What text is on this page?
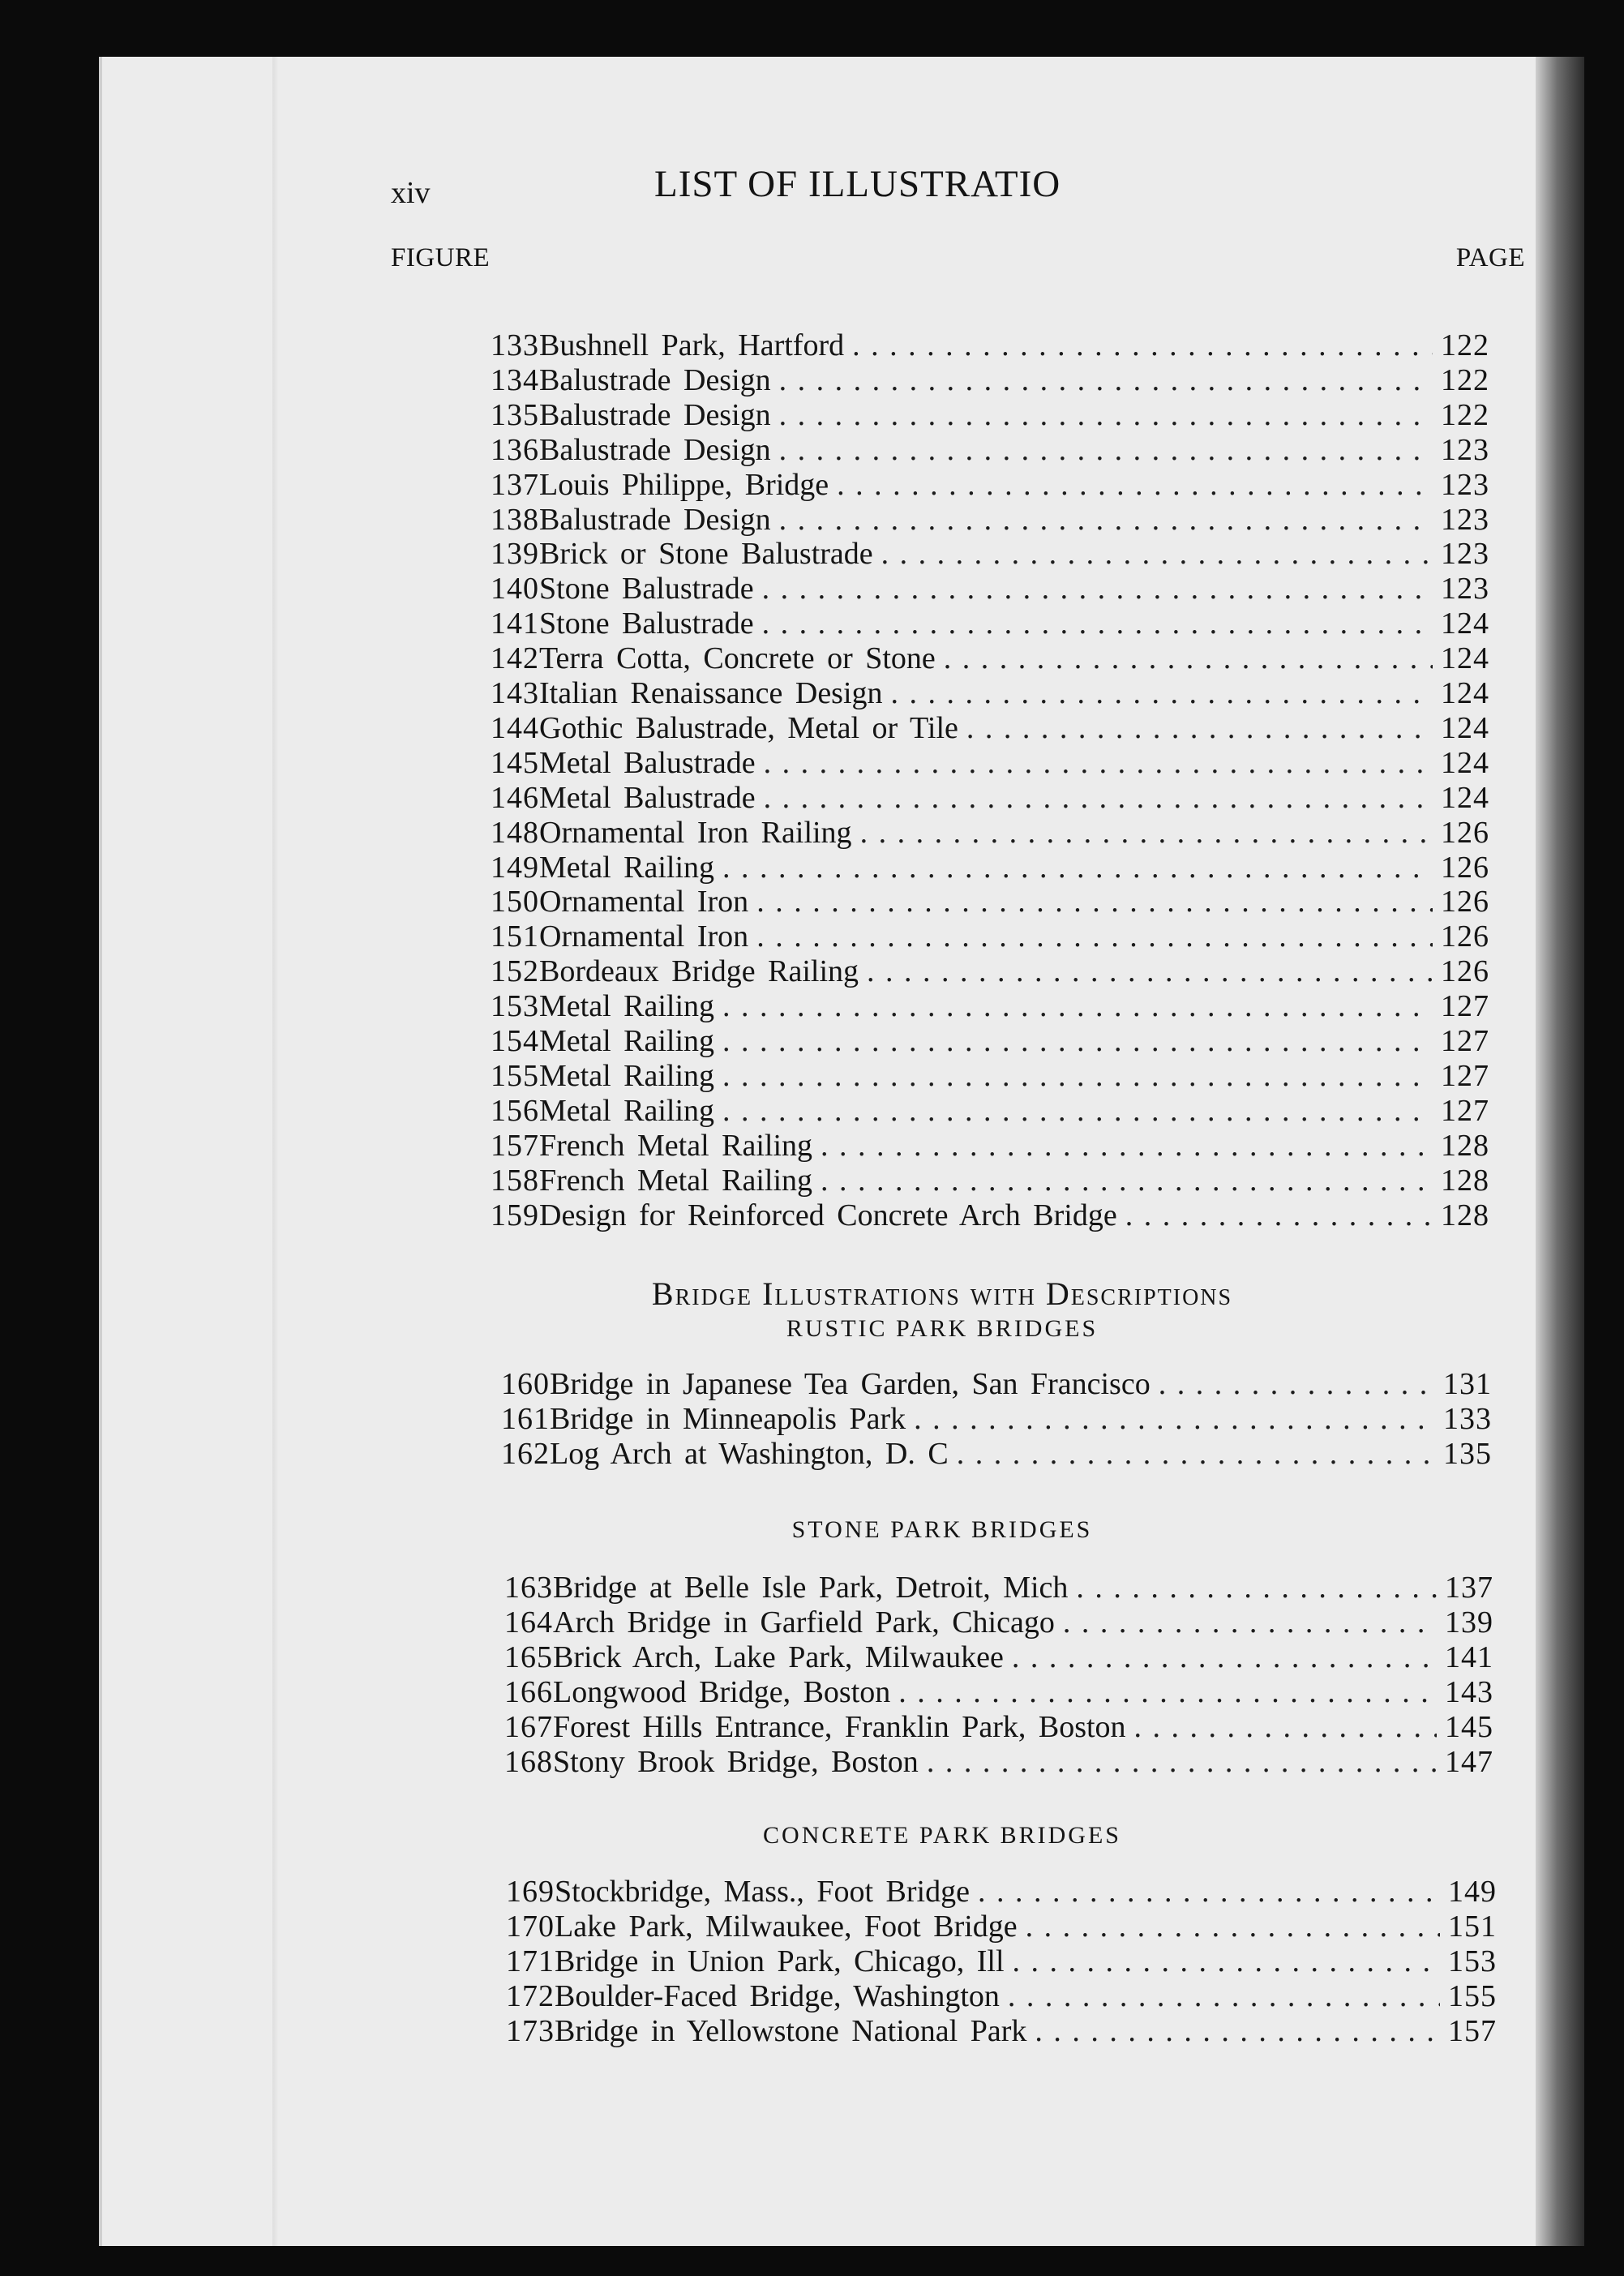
xiv	LIST OF ILLUSTRATIO
FIGURE	PAGE
133 Bushnell Park, Hartford . . .	122
134 Balustrade Design . . .	122
135 Balustrade Design . . .	122
136 Balustrade Design . . .	123
137 Louis Philippe, Bridge . . .	123
138 Balustrade Design . . .	123
139 Brick or Stone Balustrade . . .	123
140 Stone Balustrade . . .	123
141 Stone Balustrade . . .	124
142 Terra Cotta, Concrete or Stone . . .	124
143 Italian Renaissance Design . . .	124
144 Gothic Balustrade, Metal or Tile . . .	124
145 Metal Balustrade . . .	124
146 Metal Balustrade . . .	124
148 Ornamental Iron Railing . . .	126
149 Metal Railing . . .	126
150 Ornamental Iron . . .	126
151 Ornamental Iron . . .	126
152 Bordeaux Bridge Railing . . .	126
153 Metal Railing . . .	127
154 Metal Railing . . .	127
155 Metal Railing . . .	127
156 Metal Railing . . .	127
157 French Metal Railing . . .	128
158 French Metal Railing . . .	128
159 Design for Reinforced Concrete Arch Bridge . . .	128
Bridge Illustrations with Descriptions
RUSTIC PARK BRIDGES
160 Bridge in Japanese Tea Garden, San Francisco . . .	131
161 Bridge in Minneapolis Park . . .	133
162 Log Arch at Washington, D. C . . .	135
STONE PARK BRIDGES
163 Bridge at Belle Isle Park, Detroit, Mich . . .	137
164 Arch Bridge in Garfield Park, Chicago . . .	139
165 Brick Arch, Lake Park, Milwaukee . . .	141
166 Longwood Bridge, Boston . . .	143
167 Forest Hills Entrance, Franklin Park, Boston . . .	145
168 Stony Brook Bridge, Boston . . .	147
CONCRETE PARK BRIDGES
169 Stockbridge, Mass., Foot Bridge . . .	149
170 Lake Park, Milwaukee, Foot Bridge . . .	151
171 Bridge in Union Park, Chicago, Ill . . .	153
172 Boulder-Faced Bridge, Washington . . .	155
173 Bridge in Yellowstone National Park . . .	157
